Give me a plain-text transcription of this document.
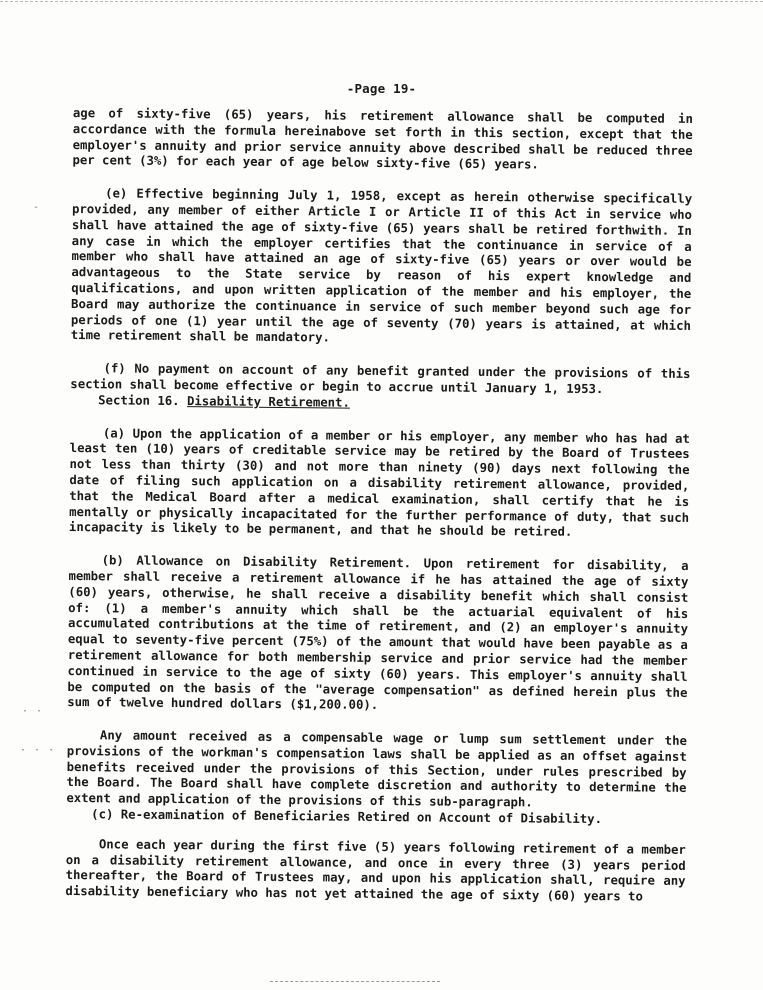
-Page 19-
-
· ·
· · ·

age of sixty-five (65) years, his retirement allowance shall be computed in accordance with the formula hereinabove set forth in this section, except that the employer's annuity and prior service annuity above described shall be reduced three per cent (3%) for each year of age below sixty-five (65) years.

(e) Effective beginning July 1, 1958, except as herein otherwise specifically provided, any member of either Article I or Article II of this Act in service who shall have attained the age of sixty-five (65) years shall be retired forthwith. In any case in which the employer certifies that the continuance in service of a member who shall have attained an age of sixty-five (65) years or over would be advantageous to the State service by reason of his expert knowledge and qualifications, and upon written application of the member and his employer, the Board may authorize the continuance in service of such member beyond such age for periods of one (1) year until the age of seventy (70) years is attained, at which time retirement shall be mandatory.

(f) No payment on account of any benefit granted under the provisions of this section shall become effective or begin to accrue until January 1, 1953.

Section 16. Disability Retirement.

(a) Upon the application of a member or his employer, any member who has had at least ten (10) years of creditable service may be retired by the Board of Trustees not less than thirty (30) and not more than ninety (90) days next following the date of filing such application on a disability retirement allowance, provided, that the Medical Board after a medical examination, shall certify that he is mentally or physically incapacitated for the further performance of duty, that such incapacity is likely to be permanent, and that he should be retired.

(b) Allowance on Disability Retirement. Upon retirement for disability, a member shall receive a retirement allowance if he has attained the age of sixty (60) years, otherwise, he shall receive a disability benefit which shall consist of: (1) a member's annuity which shall be the actuarial equivalent of his accumulated contributions at the time of retirement, and (2) an employer's annuity equal to seventy-five percent (75%) of the amount that would have been payable as a retirement allowance for both membership service and prior service had the member continued in service to the age of sixty (60) years. This employer's annuity shall be computed on the basis of the "average compensation" as defined herein plus the sum of twelve hundred dollars ($1,200.00).

Any amount received as a compensable wage or lump sum settlement under the provisions of the workman's compensation laws shall be applied as an offset against benefits received under the provisions of this Section, under rules prescribed by the Board. The Board shall have complete discretion and authority to determine the extent and application of the provisions of this sub-paragraph.

(c) Re-examination of Beneficiaries Retired on Account of Disability.

Once each year during the first five (5) years following retirement of a member on a disability retirement allowance, and once in every three (3) years period thereafter, the Board of Trustees may, and upon his application shall, require any disability beneficiary who has not yet attained the age of sixty (60) years to
